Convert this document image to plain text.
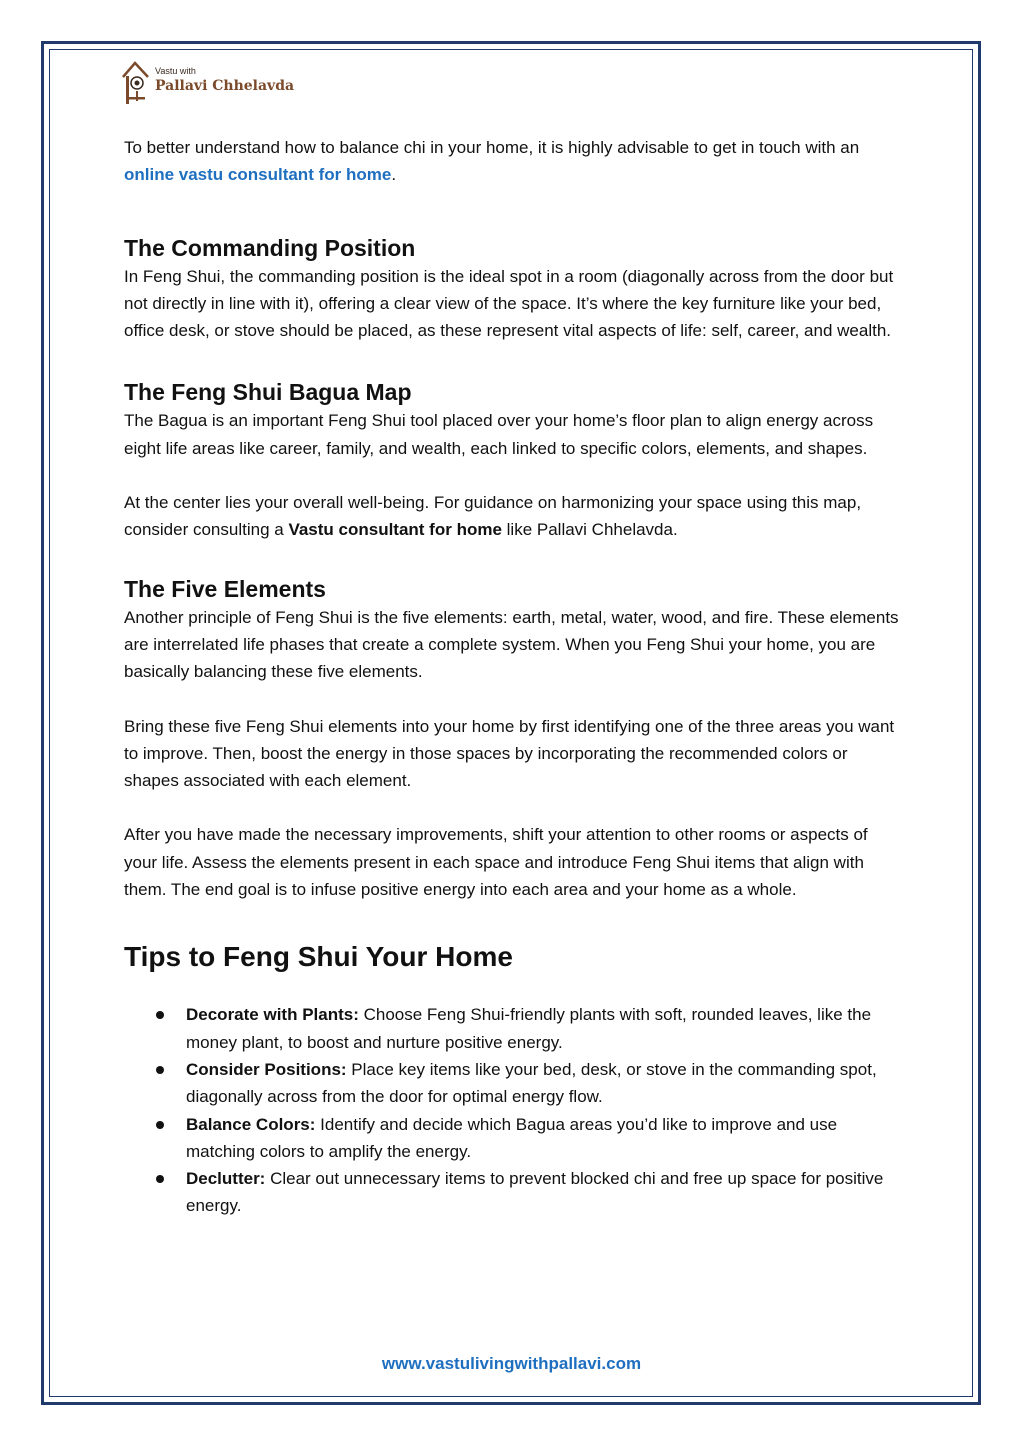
Vastu with
Pallavi Chhelavda

To better understand how to balance chi in your home, it is highly advisable to get in touch with an online vastu consultant for home.

The Commanding Position

In Feng Shui, the commanding position is the ideal spot in a room (diagonally across from the door but not directly in line with it), offering a clear view of the space. It’s where the key furniture like your bed, office desk, or stove should be placed, as these represent vital aspects of life: self, career, and wealth.

The Feng Shui Bagua Map

The Bagua is an important Feng Shui tool placed over your home’s floor plan to align energy across eight life areas like career, family, and wealth, each linked to specific colors, elements, and shapes.

At the center lies your overall well-being. For guidance on harmonizing your space using this map, consider consulting a Vastu consultant for home like Pallavi Chhelavda.

The Five Elements

Another principle of Feng Shui is the five elements: earth, metal, water, wood, and fire. These elements are interrelated life phases that create a complete system. When you Feng Shui your home, you are basically balancing these five elements.

Bring these five Feng Shui elements into your home by first identifying one of the three areas you want to improve. Then, boost the energy in those spaces by incorporating the recommended colors or shapes associated with each element.

After you have made the necessary improvements, shift your attention to other rooms or aspects of your life. Assess the elements present in each space and introduce Feng Shui items that align with them. The end goal is to infuse positive energy into each area and your home as a whole.

Tips to Feng Shui Your Home
Decorate with Plants: Choose Feng Shui-friendly plants with soft, rounded leaves, like the money plant, to boost and nurture positive energy.
Consider Positions: Place key items like your bed, desk, or stove in the commanding spot, diagonally across from the door for optimal energy flow.
Balance Colors: Identify and decide which Bagua areas you’d like to improve and use matching colors to amplify the energy.
Declutter: Clear out unnecessary items to prevent blocked chi and free up space for positive energy.
www.vastulivingwithpallavi.com
